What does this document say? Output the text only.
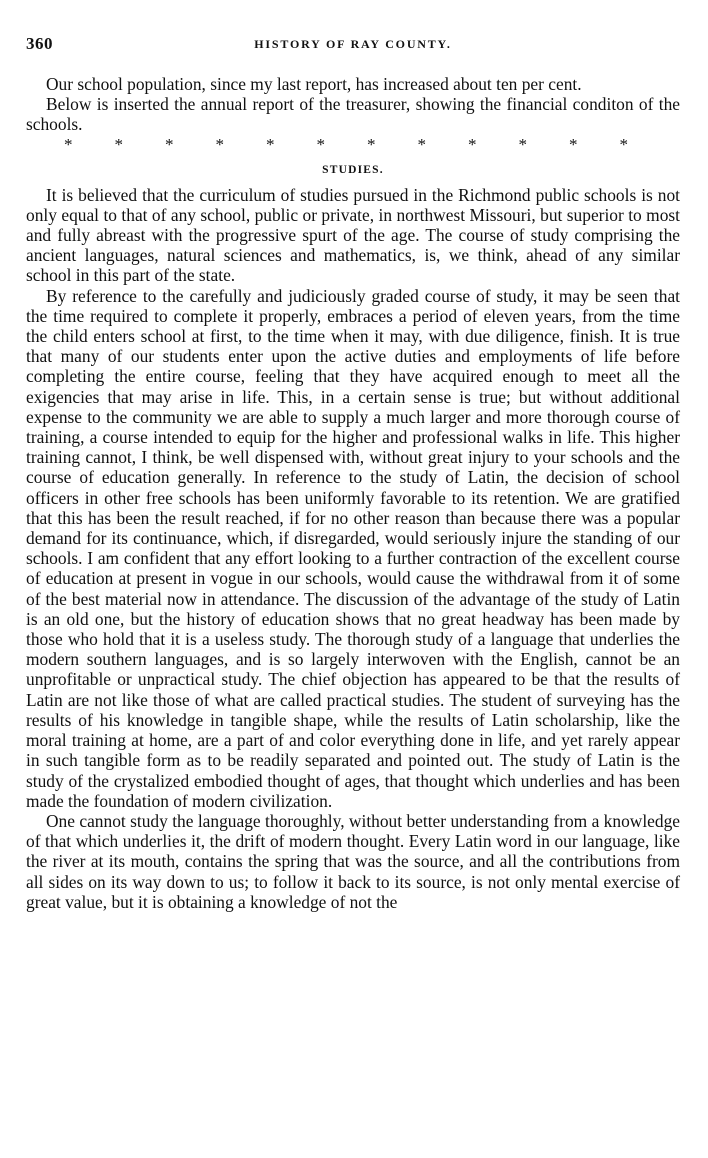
360	HISTORY OF RAY COUNTY.

Our school population, since my last report, has increased about ten per cent.

Below is inserted the annual report of the treasurer, showing the financial conditon of the schools.

* * * * * * * * * * * *
STUDIES.

It is believed that the curriculum of studies pursued in the Richmond public schools is not only equal to that of any school, public or private, in northwest Missouri, but superior to most and fully abreast with the progressive spurt of the age. The course of study comprising the ancient languages, natural sciences and mathematics, is, we think, ahead of any similar school in this part of the state.

By reference to the carefully and judiciously graded course of study, it may be seen that the time required to complete it properly, embraces a period of eleven years, from the time the child enters school at first, to the time when it may, with due diligence, finish. It is true that many of our students enter upon the active duties and employments of life before completing the entire course, feeling that they have acquired enough to meet all the exigencies that may arise in life. This, in a certain sense is true; but without additional expense to the community we are able to supply a much larger and more thorough course of training, a course intended to equip for the higher and professional walks in life. This higher training cannot, I think, be well dispensed with, without great injury to your schools and the course of education generally. In reference to the study of Latin, the decision of school officers in other free schools has been uniformly favorable to its retention. We are gratified that this has been the result reached, if for no other reason than because there was a popular demand for its continuance, which, if disregarded, would seriously injure the standing of our schools. I am confident that any effort looking to a further contraction of the excellent course of education at present in vogue in our schools, would cause the withdrawal from it of some of the best material now in attendance. The discussion of the advantage of the study of Latin is an old one, but the history of education shows that no great headway has been made by those who hold that it is a useless study. The thorough study of a language that underlies the modern southern languages, and is so largely interwoven with the English, cannot be an unprofitable or unpractical study. The chief objection has appeared to be that the results of Latin are not like those of what are called practical studies. The student of surveying has the results of his knowledge in tangible shape, while the results of Latin scholarship, like the moral training at home, are a part of and color everything done in life, and yet rarely appear in such tangible form as to be readily separated and pointed out. The study of Latin is the study of the crystalized embodied thought of ages, that thought which underlies and has been made the foundation of modern civilization.

One cannot study the language thoroughly, without better understanding from a knowledge of that which underlies it, the drift of modern thought. Every Latin word in our language, like the river at its mouth, contains the spring that was the source, and all the contributions from all sides on its way down to us; to follow it back to its source, is not only mental exercise of great value, but it is obtaining a knowledge of not the
